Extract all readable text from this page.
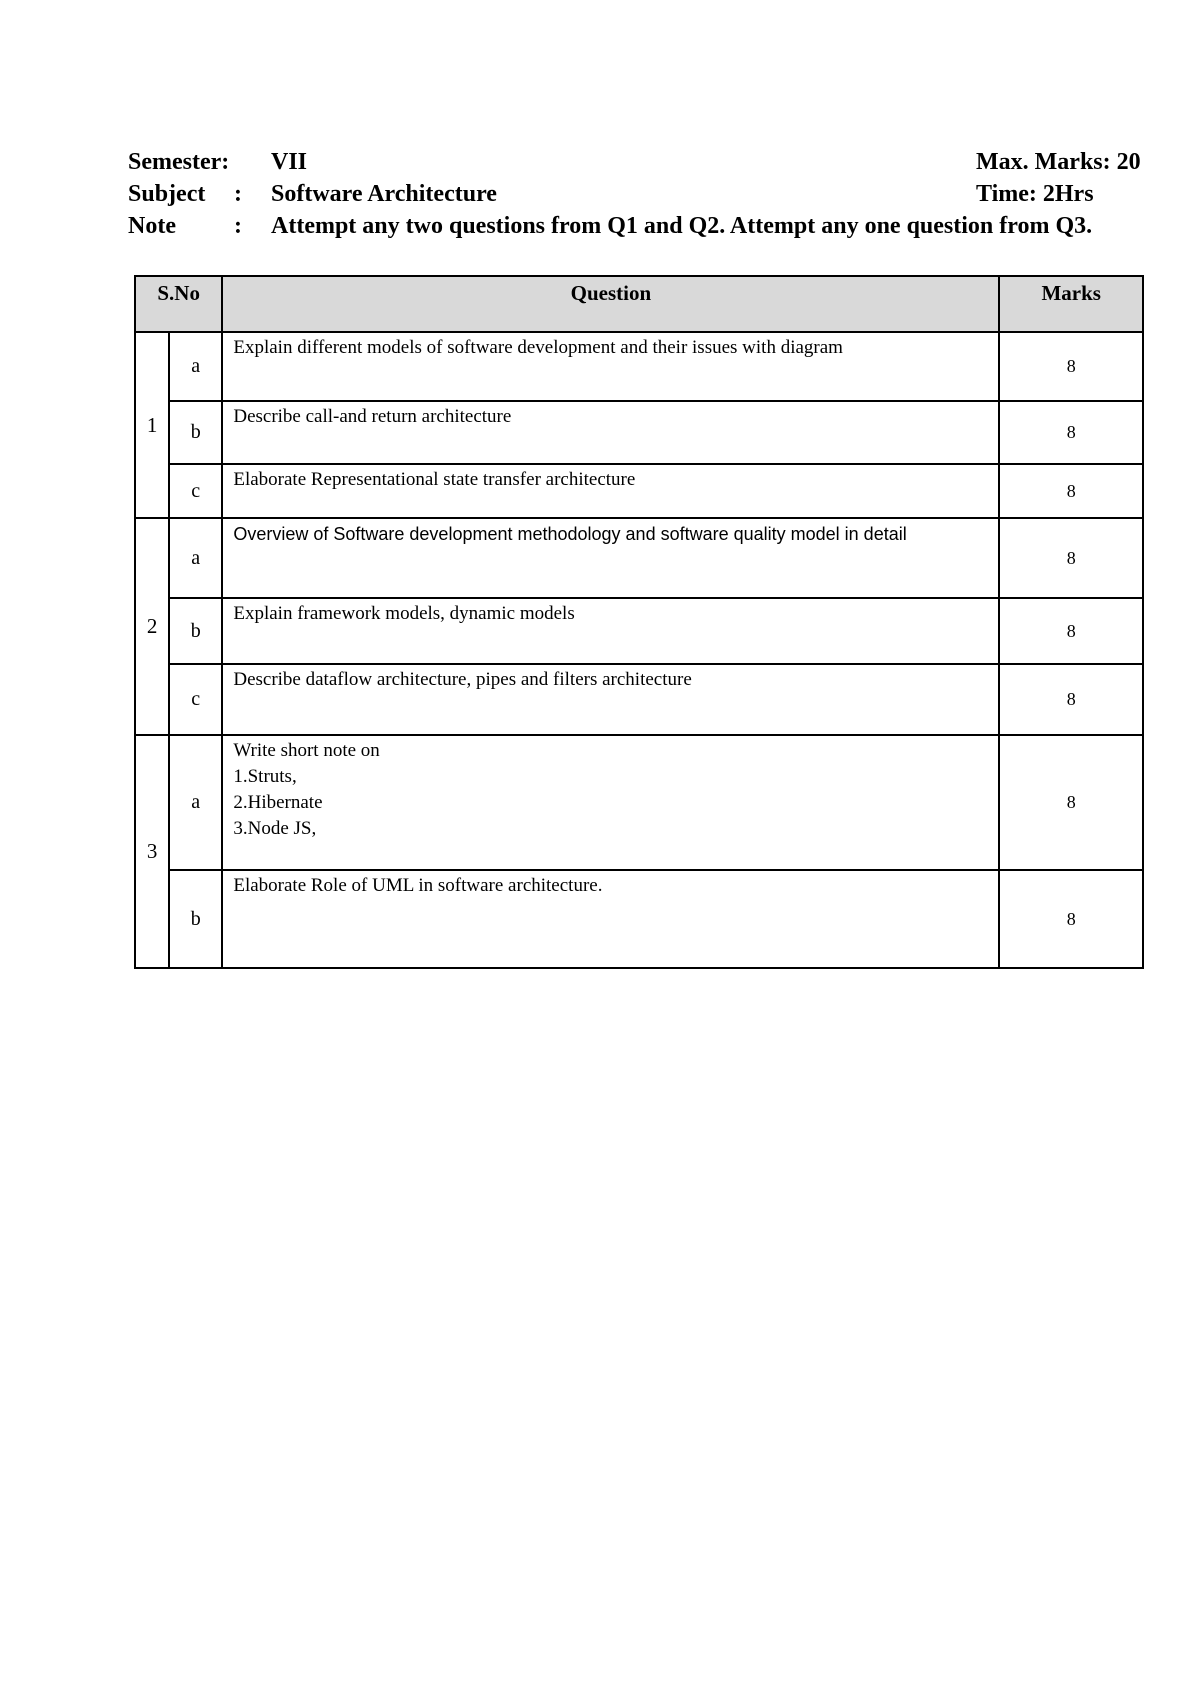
Semester: VII	Max. Marks: 20
Subject : Software Architecture	Time: 2Hrs
Note : Attempt any two questions from Q1 and Q2. Attempt any one question from Q3.
S.No		Question	Marks
1	a	Explain different models of software development and their issues with diagram	8
	b	Describe call-and return architecture	8
	c	Elaborate Representational state transfer architecture	8
2	a	Overview of Software development methodology and software quality model in detail	8
	b	Explain framework models, dynamic models	8
	c	Describe dataflow architecture, pipes and filters architecture	8
3	a	Write short note on
1.Struts,
2.Hibernate
3.Node JS,	8
	b	Elaborate Role of UML in software architecture.	8
